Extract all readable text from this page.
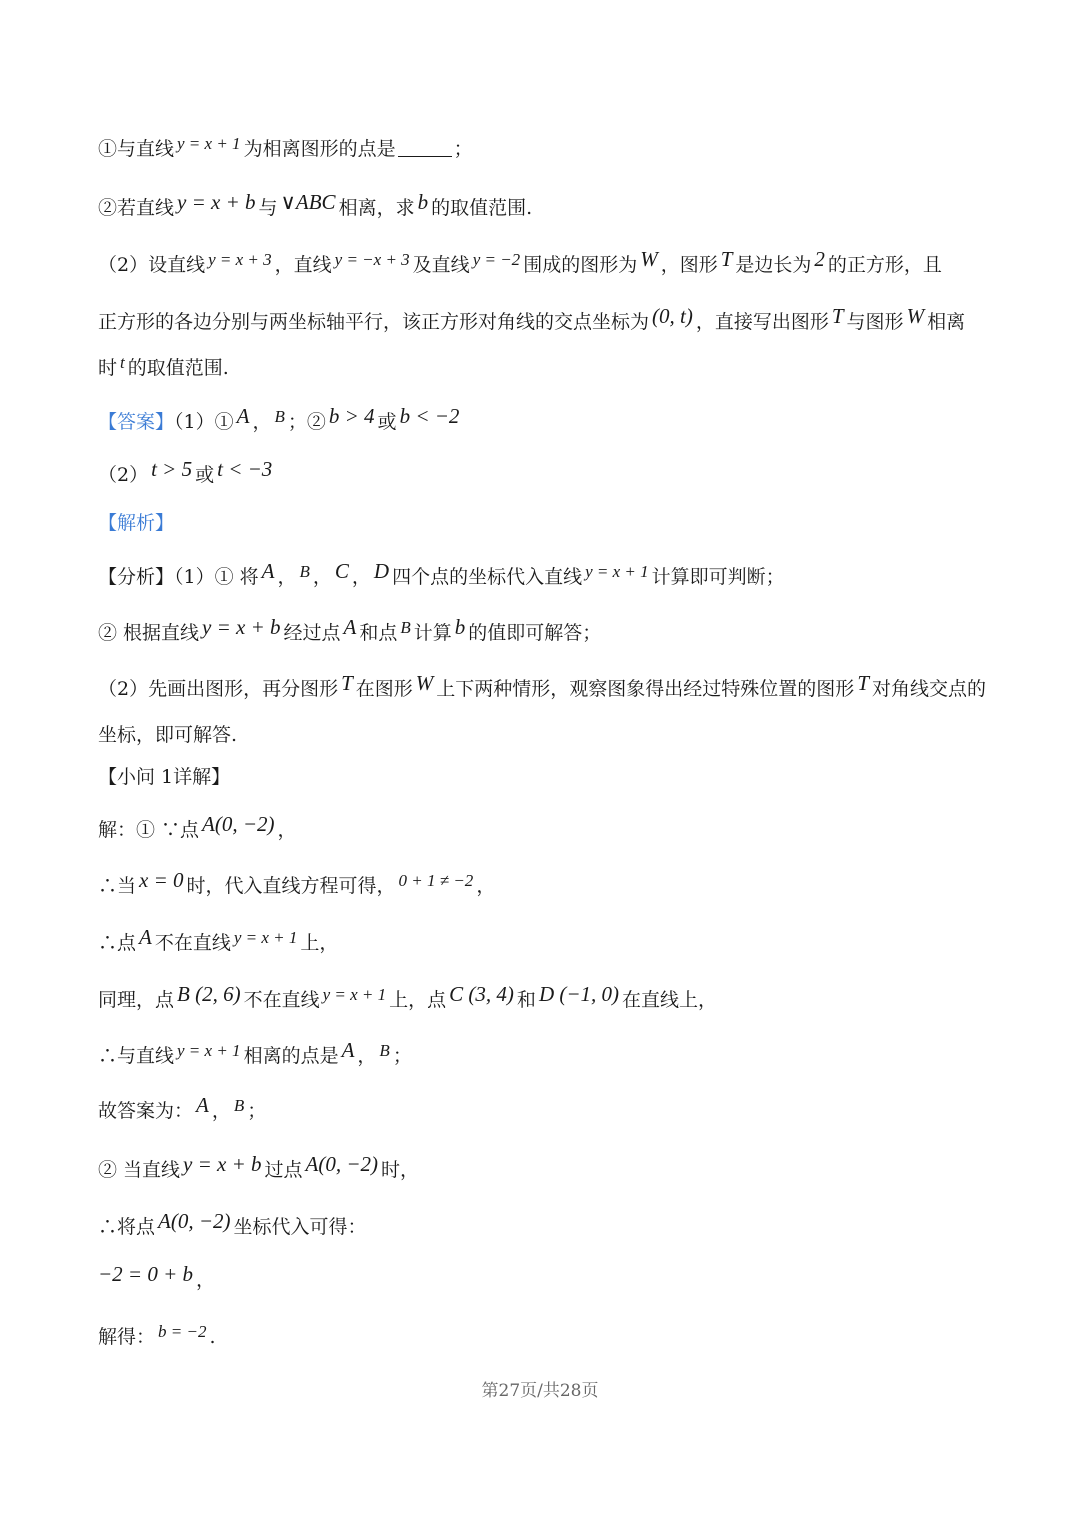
①与直线 y = x + 1 为相离图形的点是	；
②若直线 y = x + b 与 ∨ABC 相离，求 b 的取值范围.
（2）设直线 y = x + 3 ，直线 y = −x + 3 及直线 y = −2 围成的图形为 W ，图形 T 是边长为 2 的正方形，且
正方形的各边分别与两坐标轴平行，该正方形对角线的交点坐标为 (0, t) ，直接写出图形 T 与图形 W 相离
时 t 的取值范围.
【答案】（1）① A ， B ；② b > 4 或 b < −2
（2） t > 5 或 t < −3
【解析】
【分析】（1）① 将 A ， B ， C ， D 四个点的坐标代入直线 y = x + 1 计算即可判断；
② 根据直线 y = x + b 经过点 A 和点 B 计算 b 的值即可解答；
（2）先画出图形，再分图形 T 在图形 W 上下两种情形，观察图象得出经过特殊位置的图形 T 对角线交点的
坐标，即可解答.
【小问 1详解】
解：① ∵点 A(0, −2) ，
∴当 x = 0 时，代入直线方程可得， 0 + 1 ≠ −2 ，
∴点 A 不在直线 y = x + 1 上，
同理，点 B (2, 6) 不在直线 y = x + 1 上，点 C (3, 4) 和 D (−1, 0) 在直线上，
∴与直线 y = x + 1 相离的点是 A ， B ；
故答案为： A ， B ；
② 当直线 y = x + b 过点 A(0, −2) 时，
∴将点 A(0, −2) 坐标代入可得：
−2 = 0 + b ，
解得： b = −2 .
第27页/共28页
